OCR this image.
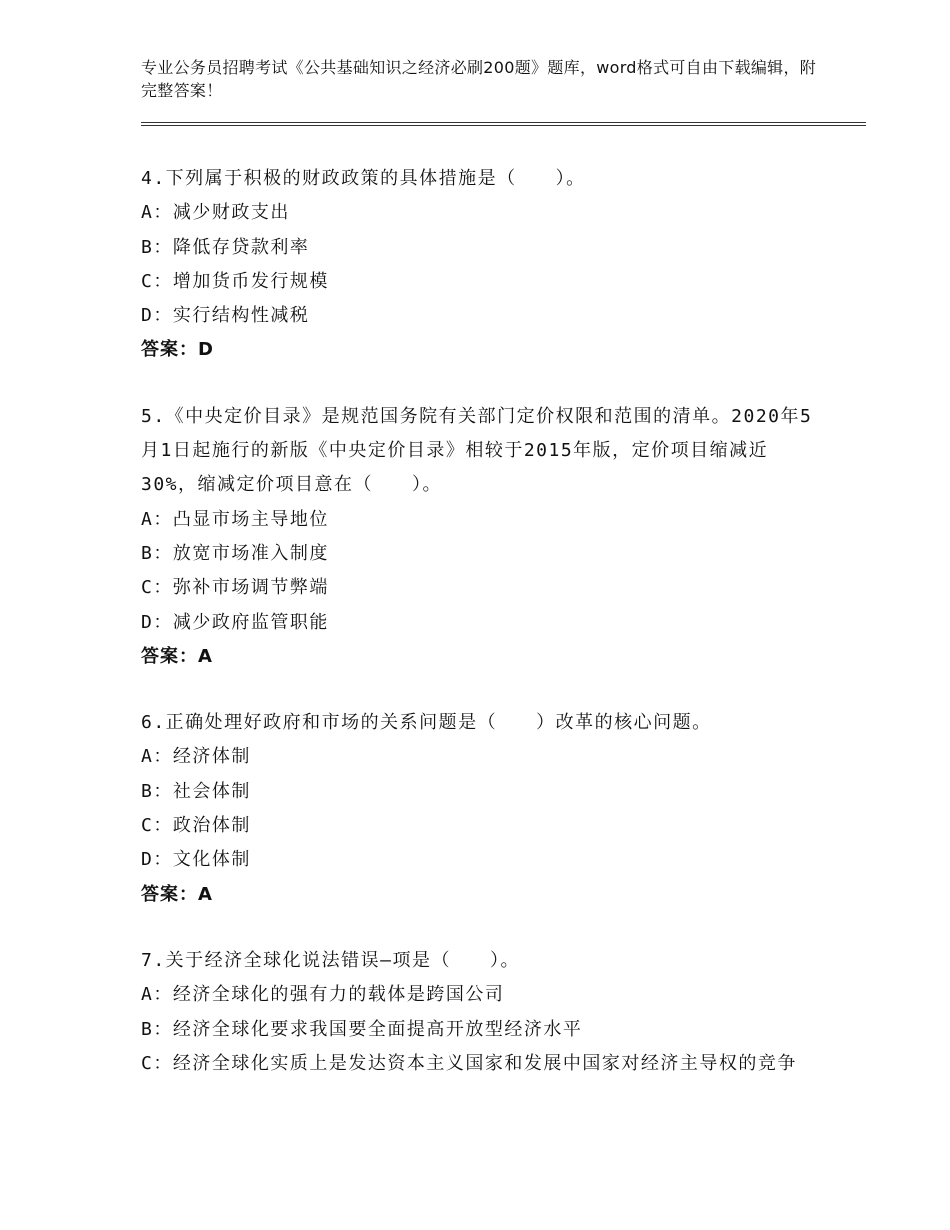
专业公务员招聘考试《公共基础知识之经济必刷200题》题库，word格式可自由下载编辑，附完整答案！

4.下列属于积极的财政政策的具体措施是（　　）。

A：减少财政支出

B：降低存贷款利率

C：增加货币发行规模

D：实行结构性减税

答案：D

5.《中央定价目录》是规范国务院有关部门定价权限和范围的清单。2020年5月1日起施行的新版《中央定价目录》相较于2015年版，定价项目缩减近30%，缩减定价项目意在（　　）。

A：凸显市场主导地位

B：放宽市场准入制度

C：弥补市场调节弊端

D：减少政府监管职能

答案：A

6.正确处理好政府和市场的关系问题是（　　）改革的核心问题。

A：经济体制

B：社会体制

C：政治体制

D：文化体制

答案：A

7.关于经济全球化说法错误—项是（　　）。

A：经济全球化的强有力的载体是跨国公司

B：经济全球化要求我国要全面提高开放型经济水平

C：经济全球化实质上是发达资本主义国家和发展中国家对经济主导权的竞争
